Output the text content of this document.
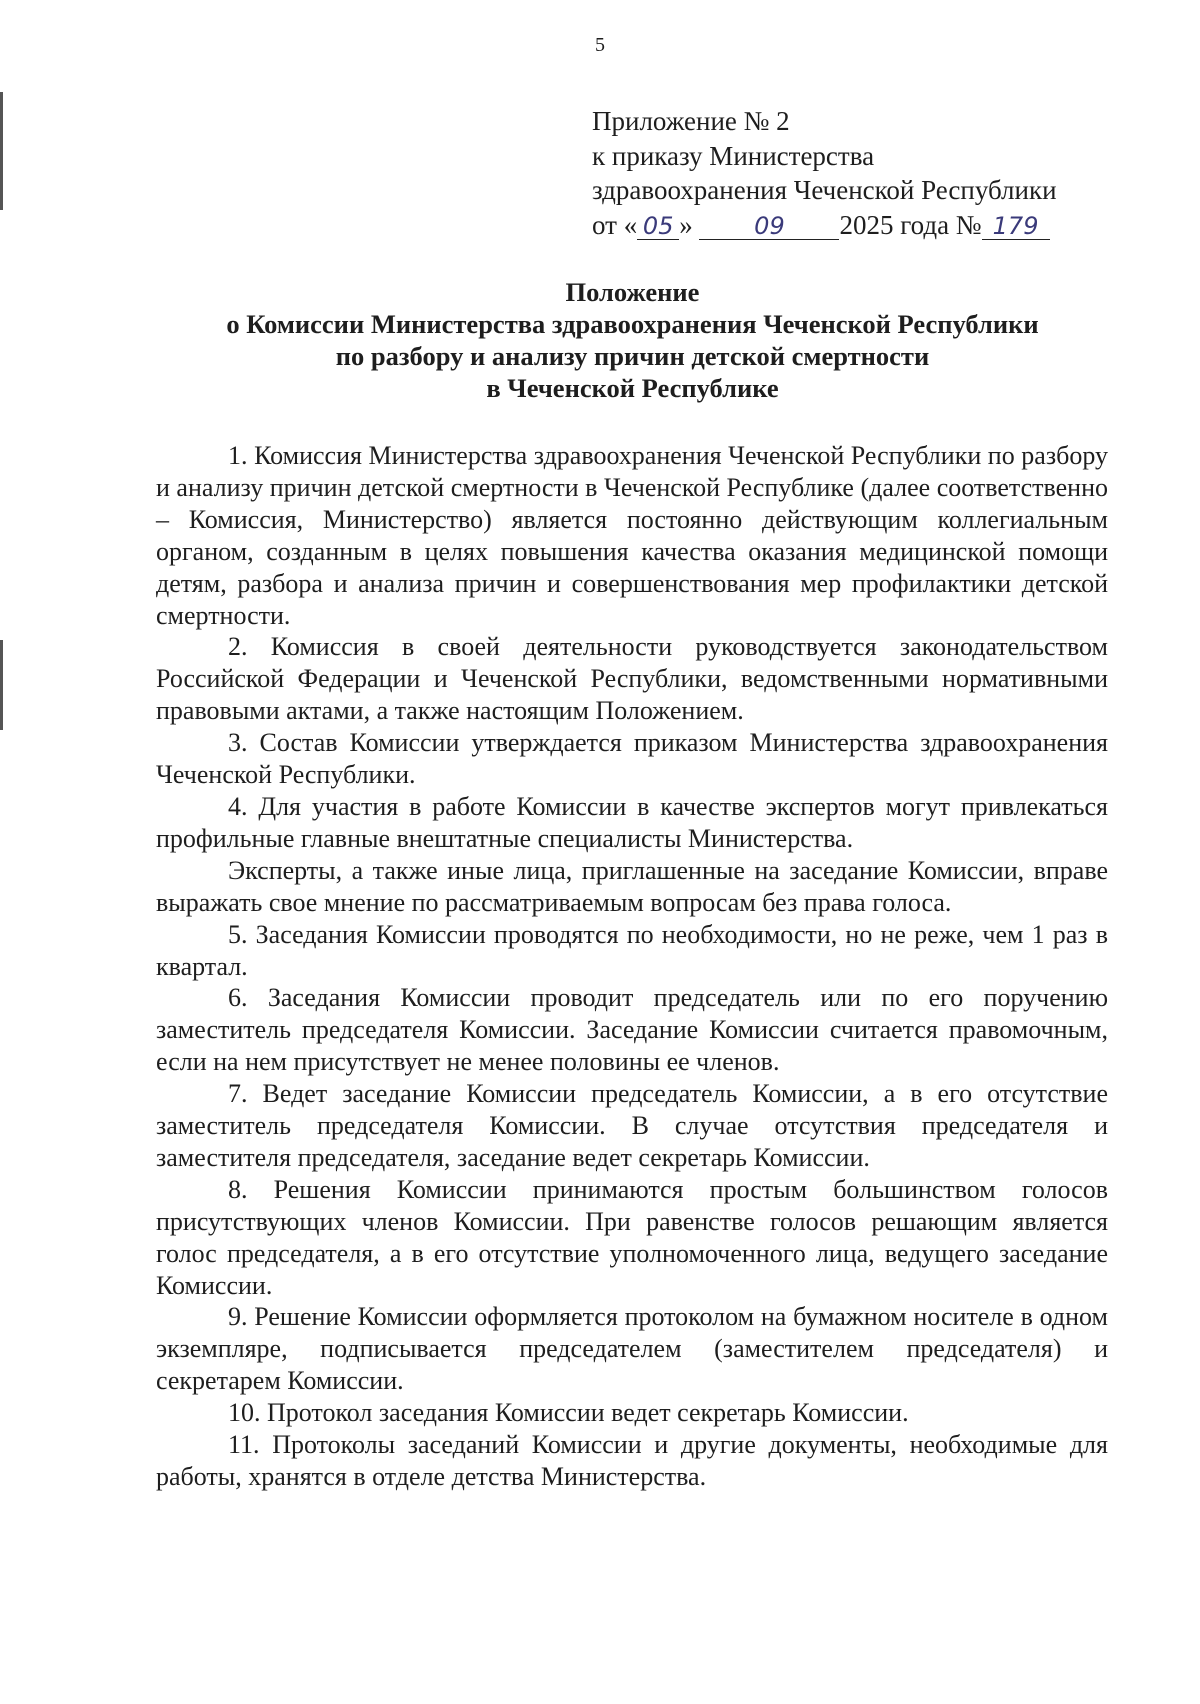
5
Приложение № 2
к приказу Министерства
здравоохранения Чеченской Республики
от « 05 »	09 2025 года № 179
Положение
о Комиссии Министерства здравоохранения Чеченской Республики
по разбору и анализу причин детской смертности
в Чеченской Республике

1. Комиссия Министерства здравоохранения Чеченской Республики по разбору и анализу причин детской смертности в Чеченской Республике (далее соответственно – Комиссия, Министерство) является постоянно действующим коллегиальным органом, созданным в целях повышения качества оказания медицинской помощи детям, разбора и анализа причин и совершенствования мер профилактики детской смертности.

2. Комиссия в своей деятельности руководствуется законодательством Российской Федерации и Чеченской Республики, ведомственными нормативными правовыми актами, а также настоящим Положением.

3. Состав Комиссии утверждается приказом Министерства здравоохранения Чеченской Республики.

4. Для участия в работе Комиссии в качестве экспертов могут привлекаться профильные главные внештатные специалисты Министерства.

Эксперты, а также иные лица, приглашенные на заседание Комиссии, вправе выражать свое мнение по рассматриваемым вопросам без права голоса.

5. Заседания Комиссии проводятся по необходимости, но не реже, чем 1 раз в квартал.

6. Заседания Комиссии проводит председатель или по его поручению заместитель председателя Комиссии. Заседание Комиссии считается правомочным, если на нем присутствует не менее половины ее членов.

7. Ведет заседание Комиссии председатель Комиссии, а в его отсутствие заместитель председателя Комиссии. В случае отсутствия председателя и заместителя председателя, заседание ведет секретарь Комиссии.

8. Решения Комиссии принимаются простым большинством голосов присутствующих членов Комиссии. При равенстве голосов решающим является голос председателя, а в его отсутствие уполномоченного лица, ведущего заседание Комиссии.

9. Решение Комиссии оформляется протоколом на бумажном носителе в одном экземпляре, подписывается председателем (заместителем председателя) и секретарем Комиссии.

10. Протокол заседания Комиссии ведет секретарь Комиссии.

11. Протоколы заседаний Комиссии и другие документы, необходимые для работы, хранятся в отделе детства Министерства.
